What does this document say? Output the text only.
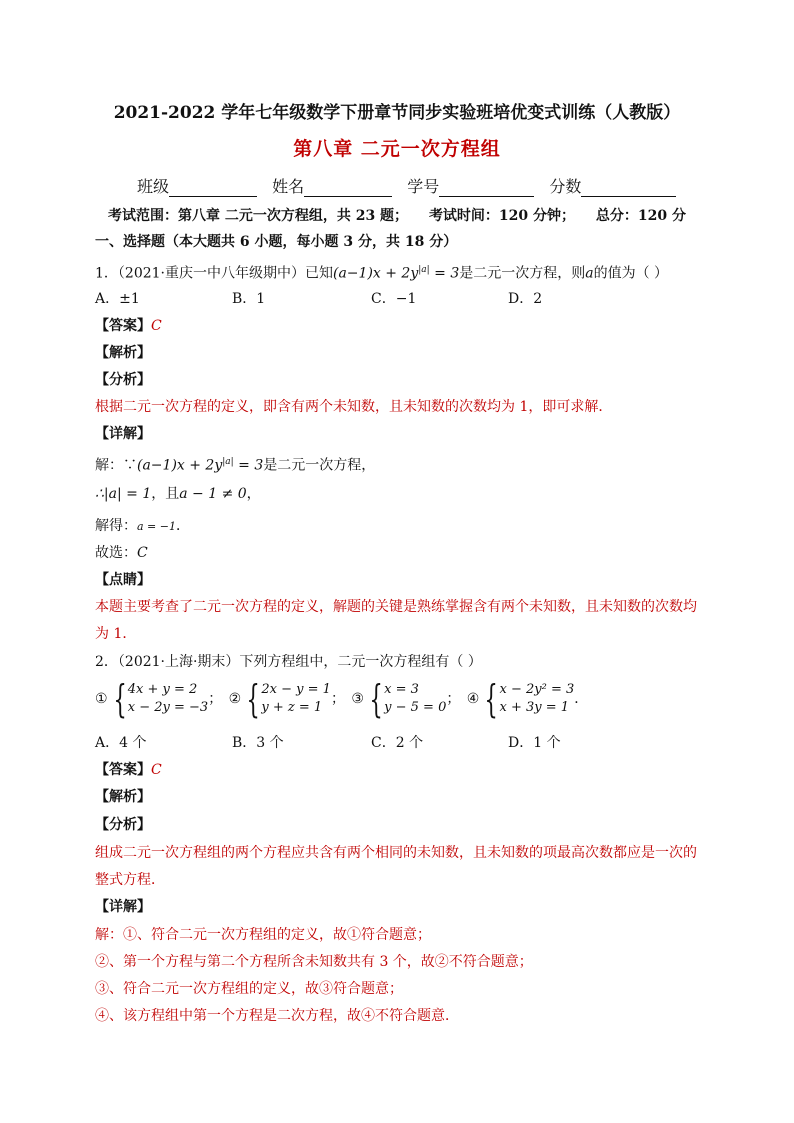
2021-2022 学年七年级数学下册章节同步实验班培优变式训练（人教版）
第八章 二元一次方程组
班级	姓名	学号	分数
考试范围：第八章 二元一次方程组，共 23 题； 考试时间：120 分钟； 总分：120 分
一、选择题（本大题共 6 小题，每小题 3 分，共 18 分）
1．（2021·重庆一中八年级期中）已知$(a-1)x + 2y^{|a|} = 3$是二元一次方程，则a的值为（ ）
A．±1	B．1	C．−1	D．2
【答案】C
【解析】
【分析】
根据二元一次方程的定义，即含有两个未知数，且未知数的次数均为 1，即可求解．
【详解】
解：∵(a−1)x + $2y^{|a|} = 3$是二元一次方程，
∴|a| = 1，且a − 1 ≠ 0，
解得：a = −1．
故选：C
【点睛】
本题主要考查了二元一次方程的定义，解题的关键是熟练掌握含有两个未知数，且未知数的次数均
为 1．
2．（2021·上海·期末）下列方程组中，二元一次方程组有（ ）
① { 4x + y = 2
x − 2y = −3
；
② { 2x − y = 1
y + z = 1
；
③ { x = 3
y − 5 = 0
；
④ { x − 2y² = 3
x + 3y = 1
．
A．4 个	B．3 个	C．2 个	D．1 个
【答案】C
【解析】
【分析】
组成二元一次方程组的两个方程应共含有两个相同的未知数，且未知数的项最高次数都应是一次的
整式方程．
【详解】
解：①、符合二元一次方程组的定义，故①符合题意；
②、第一个方程与第二个方程所含未知数共有 3 个，故②不符合题意；
③、符合二元一次方程组的定义，故③符合题意；
④、该方程组中第一个方程是二次方程，故④不符合题意．
